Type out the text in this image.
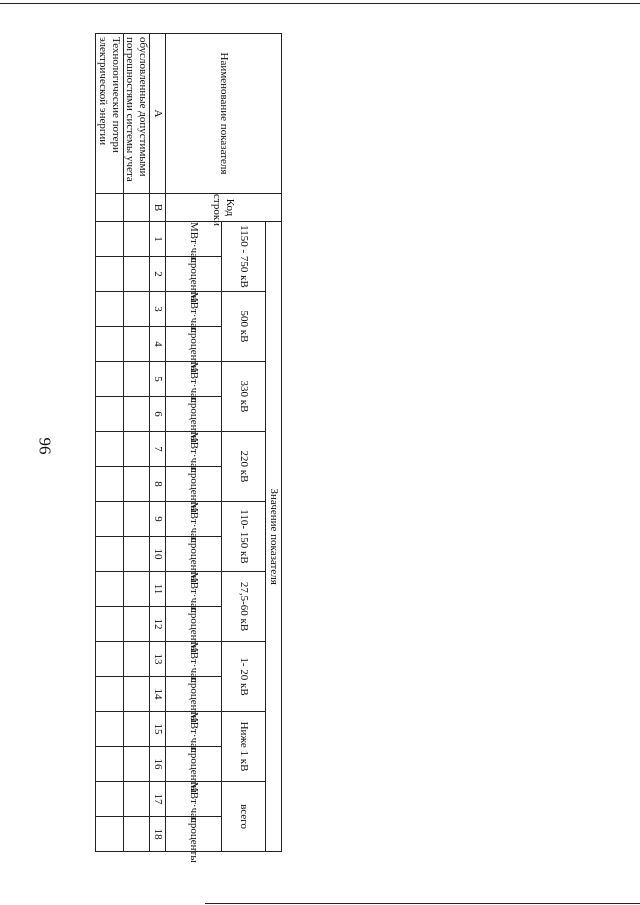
96
Наименование показателя	Код строки	Значение показателя																	
		1150 - 750 кВ		500 кВ		330 кВ		220 кВ		110- 150 кВ		27,5-60 кВ		1- 20 кВ		Ниже 1 кВ		всего	
		МВт·час	проценты	МВт·час	проценты	МВт·час	проценты	МВт·час	проценты	МВт·час	проценты	МВт·час	проценты	МВт·час	проценты	МВт·час	проценты	МВт·час	проценты
А	В	1	2	3	4	5	6	7	8	9	10	11	12	13	14	15	16	17	18
обусловленные допустимыми погрешностями системы учета																			
Технологические потери электрической энергии																			
